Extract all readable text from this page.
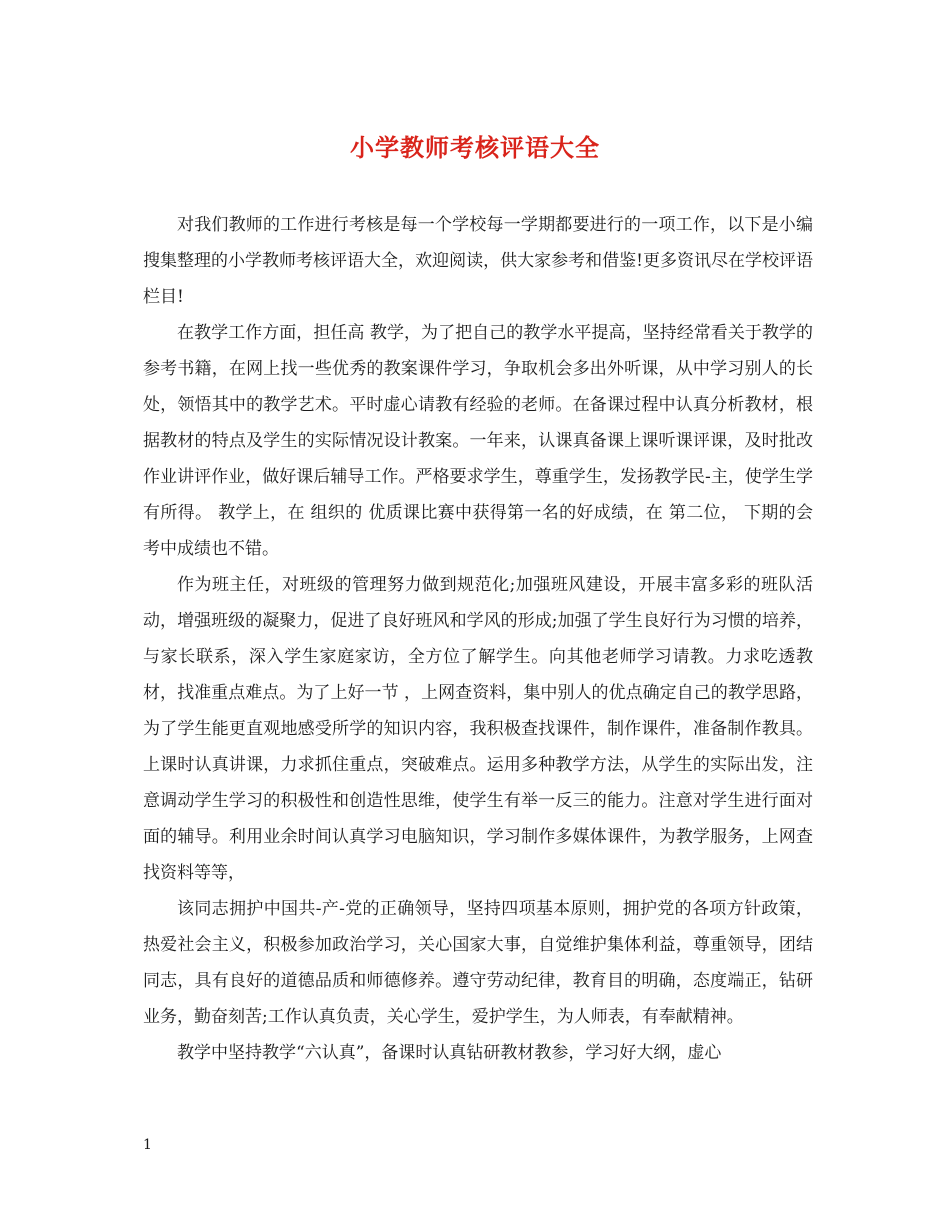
小学教师考核评语大全

对我们教师的工作进行考核是每一个学校每一学期都要进行的一项工作，以下是小编搜集整理的小学教师考核评语大全，欢迎阅读，供大家参考和借鉴!更多资讯尽在学校评语栏目!

在教学工作方面，担任高 教学，为了把自己的教学水平提高，坚持经常看关于教学的参考书籍，在网上找一些优秀的教案课件学习，争取机会多出外听课，从中学习别人的长处，领悟其中的教学艺术。平时虚心请教有经验的老师。在备课过程中认真分析教材，根据教材的特点及学生的实际情况设计教案。一年来，认课真备课上课听课评课，及时批改作业讲评作业，做好课后辅导工作。严格要求学生，尊重学生，发扬教学民-主，使学生学有所得。 教学上，在 组织的 优质课比赛中获得第一名的好成绩，在 第二位， 下期的会考中成绩也不错。

作为班主任，对班级的管理努力做到规范化;加强班风建设，开展丰富多彩的班队活动，增强班级的凝聚力，促进了良好班风和学风的形成;加强了学生良好行为习惯的培养，与家长联系，深入学生家庭家访，全方位了解学生。向其他老师学习请教。力求吃透教材，找准重点难点。为了上好一节 ，上网查资料，集中别人的优点确定自己的教学思路，为了学生能更直观地感受所学的知识内容，我积极查找课件，制作课件，准备制作教具。上课时认真讲课，力求抓住重点，突破难点。运用多种教学方法，从学生的实际出发，注意调动学生学习的积极性和创造性思维，使学生有举一反三的能力。注意对学生进行面对面的辅导。利用业余时间认真学习电脑知识，学习制作多媒体课件，为教学服务，上网查找资料等等，

该同志拥护中国共-产-党的正确领导，坚持四项基本原则，拥护党的各项方针政策，热爱社会主义，积极参加政治学习，关心国家大事，自觉维护集体利益，尊重领导，团结同志，具有良好的道德品质和师德修养。遵守劳动纪律，教育目的明确，态度端正，钻研业务，勤奋刻苦;工作认真负责，关心学生，爱护学生，为人师表，有奉献精神。

教学中坚持教学“六认真”，备课时认真钻研教材教参，学习好大纲，虚心

1
